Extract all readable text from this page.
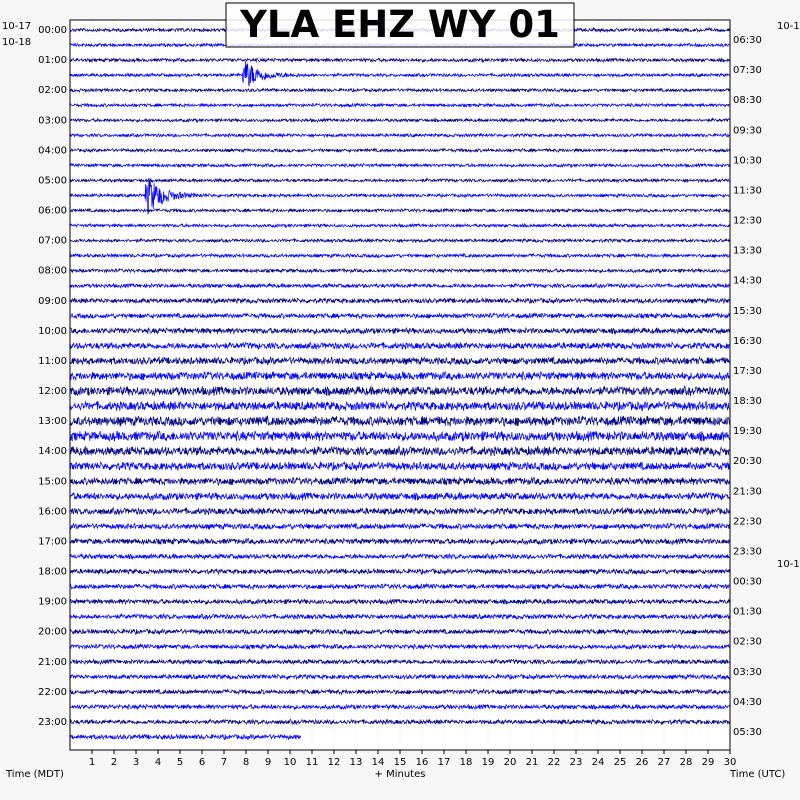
1 2 3 4 5 6 7 8 9 10 11 12 13 14 15 16 17 18 19 20 21 22 23 24 25 26 27 28 29 30
00:00
01:00
02:00
03:00
04:00
05:00
06:00
07:00
08:00
09:00
10:00
11:00
12:00
13:00
14:00
15:00
16:00
17:00
18:00
19:00
20:00
21:00
22:00
23:00
06:30
07:30
08:30
09:30
10:30
11:30
12:30
13:30
14:30
15:30
16:30
17:30
18:30
19:30
20:30
21:30
22:30
23:30
00:30
01:30
02:30
03:30
04:30
05:30
10-17
10-18
10-1
10-1
+ Minutes
Time (MDT)	Time (UTC)
YLA EHZ WY 01
